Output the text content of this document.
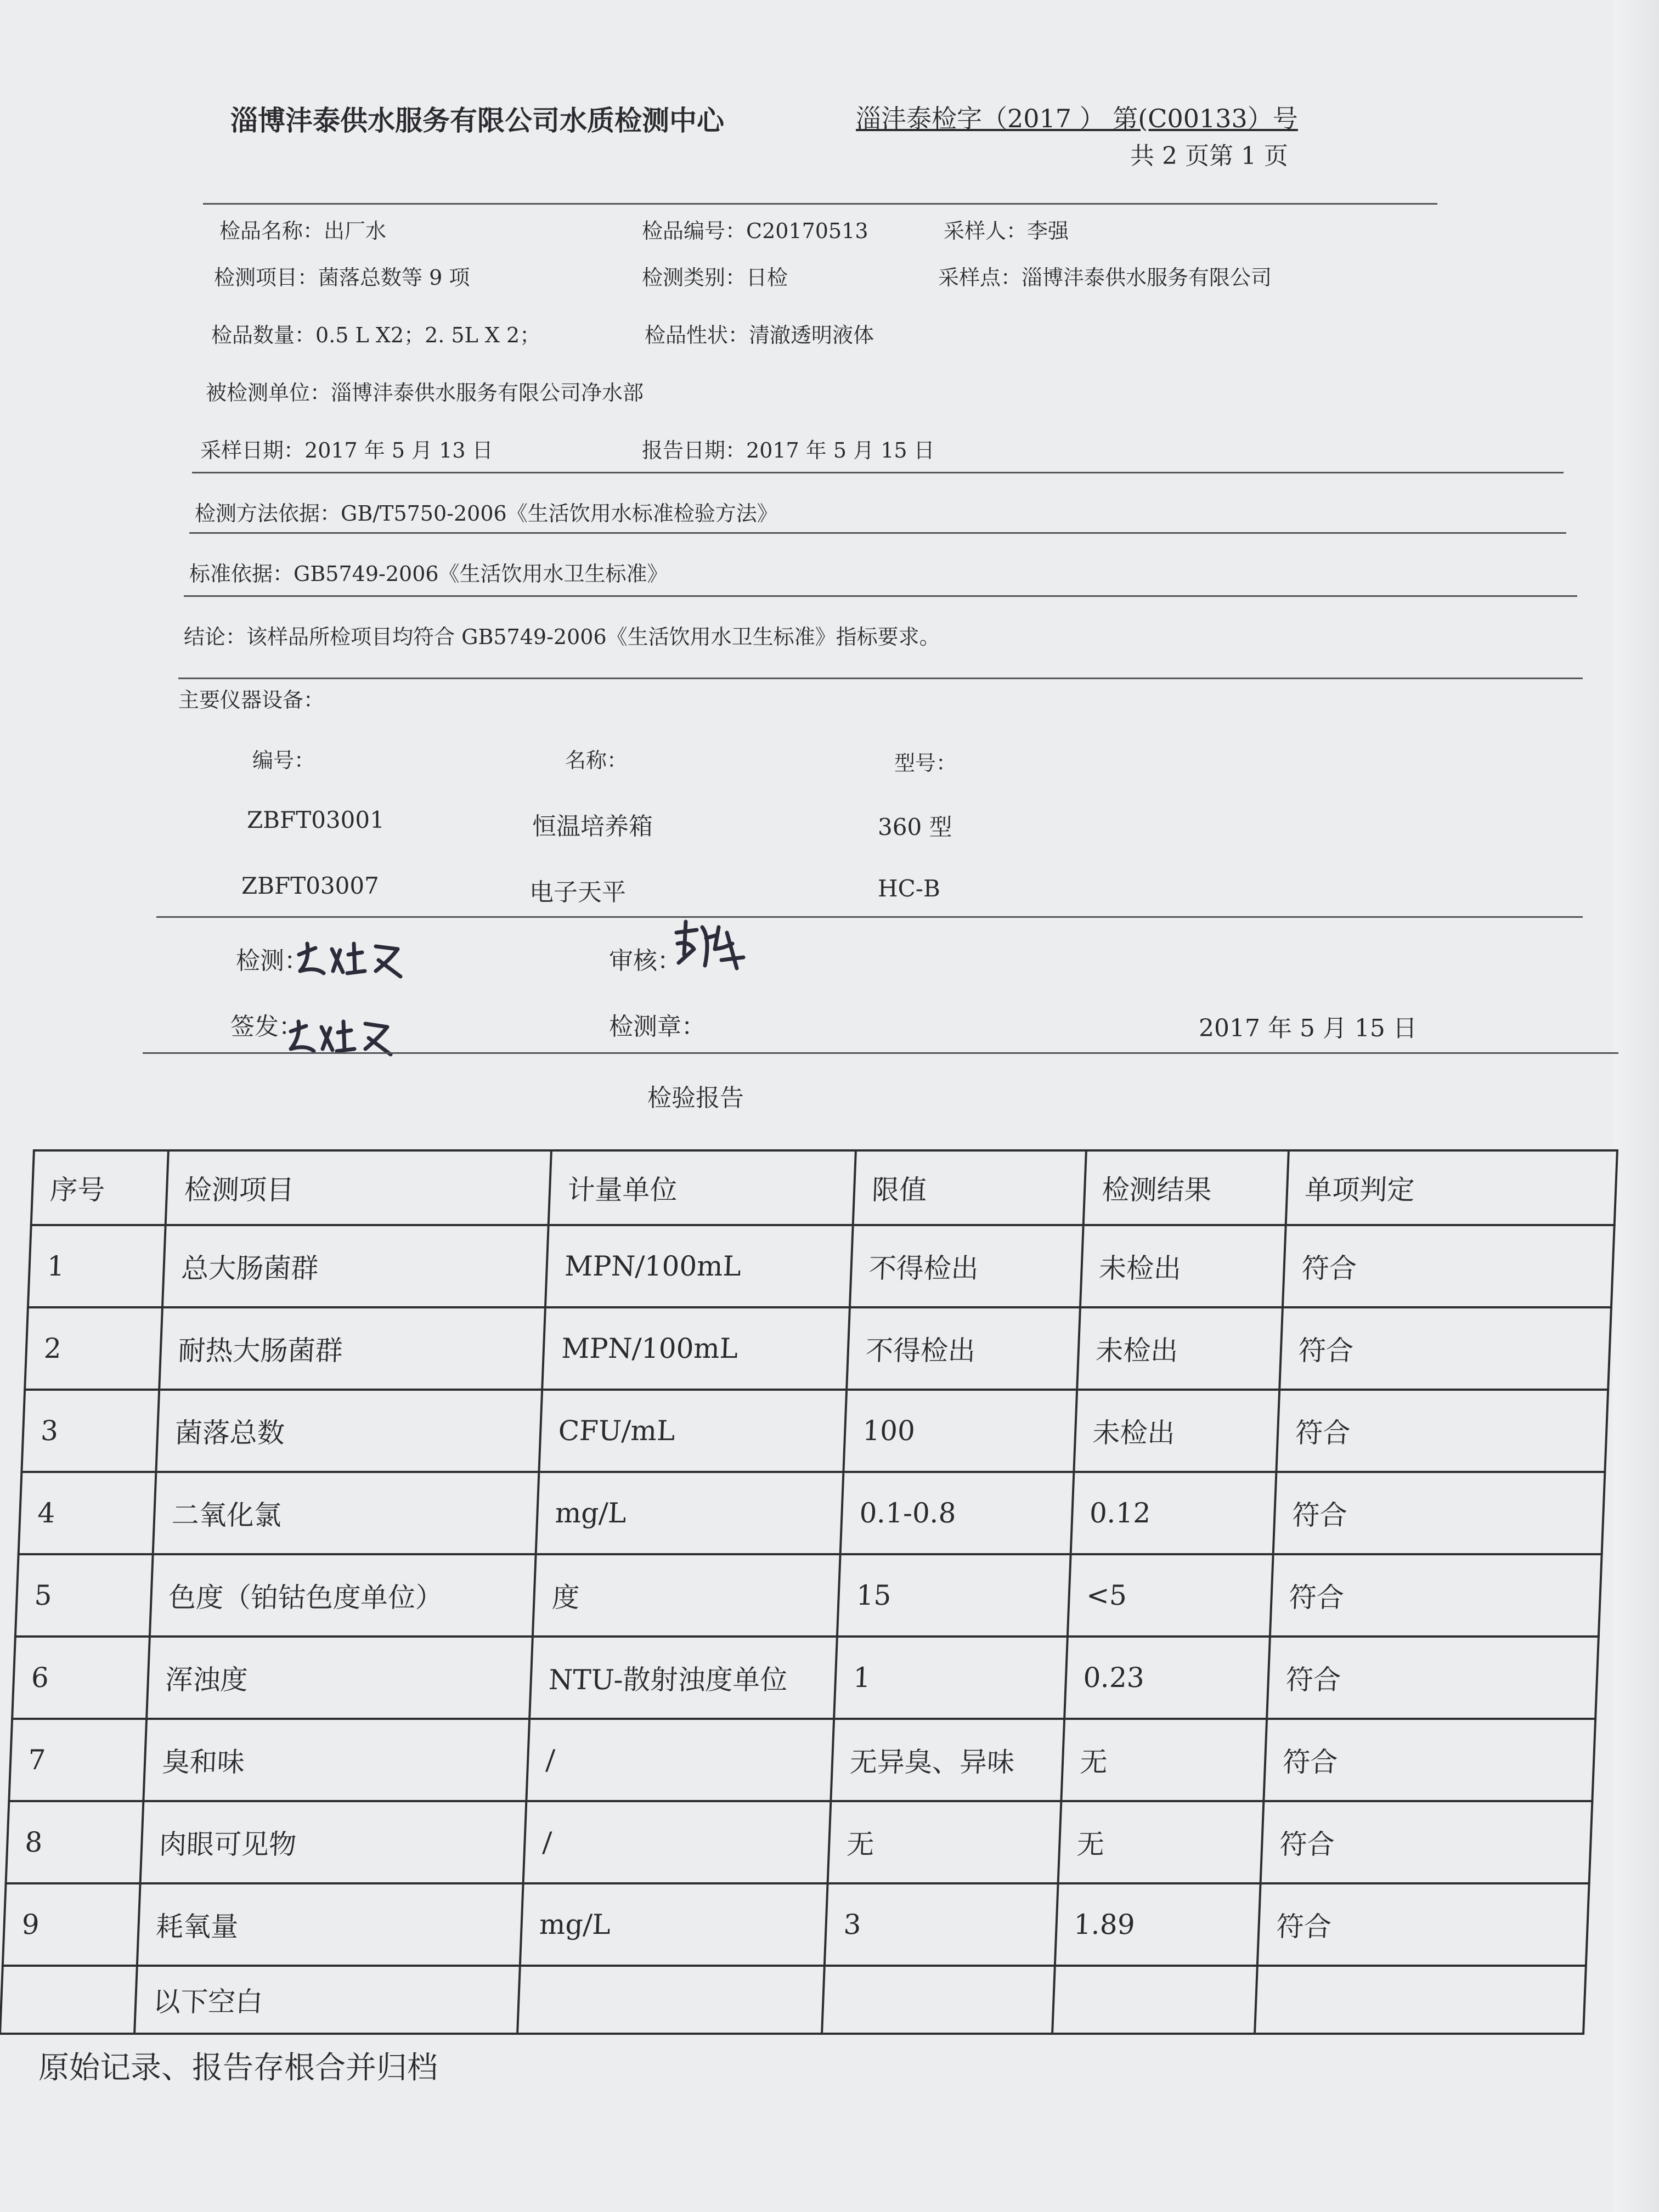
淄博沣泰供水服务有限公司水质检测中心	淄沣泰检字（2017 ） 第(C00133）号
共 2 页第 1 页
检品名称：出厂水	检品编号：C20170513	采样人：李强
检测项目：菌落总数等 9 项	检测类别：日检	采样点：淄博沣泰供水服务有限公司
检品数量：0.5 L X2；2. 5L X 2；	检品性状：清澈透明液体
被检测单位：淄博沣泰供水服务有限公司净水部
采样日期：2017 年 5 月 13 日	报告日期：2017 年 5 月 15 日
检测方法依据：GB/T5750-2006《生活饮用水标准检验方法》
标准依据：GB5749-2006《生活饮用水卫生标准》
结论：该样品所检项目均符合 GB5749-2006《生活饮用水卫生标准》指标要求。
主要仪器设备：
编号：	名称：	型号：
ZBFT03001	恒温培养箱	360 型
ZBFT03007	电子天平	HC-B
检测：	审核：
签发：	检测章：	2017 年 5 月 15 日
检验报告
序号	检测项目	计量单位	限值	检测结果	单项判定
1	总大肠菌群	MPN/100mL	不得检出	未检出	符合
2	耐热大肠菌群	MPN/100mL	不得检出	未检出	符合
3	菌落总数	CFU/mL	100	未检出	符合
4	二氧化氯	mg/L	0.1-0.8	0.12	符合
5	色度（铂钴色度单位）	度	15	<5	符合
6	浑浊度	NTU-散射浊度单位	1	0.23	符合
7	臭和味	/	无异臭、异味	无	符合
8	肉眼可见物	/	无	无	符合
9	耗氧量	mg/L	3	1.89	符合
	以下空白				
原始记录、报告存根合并归档
